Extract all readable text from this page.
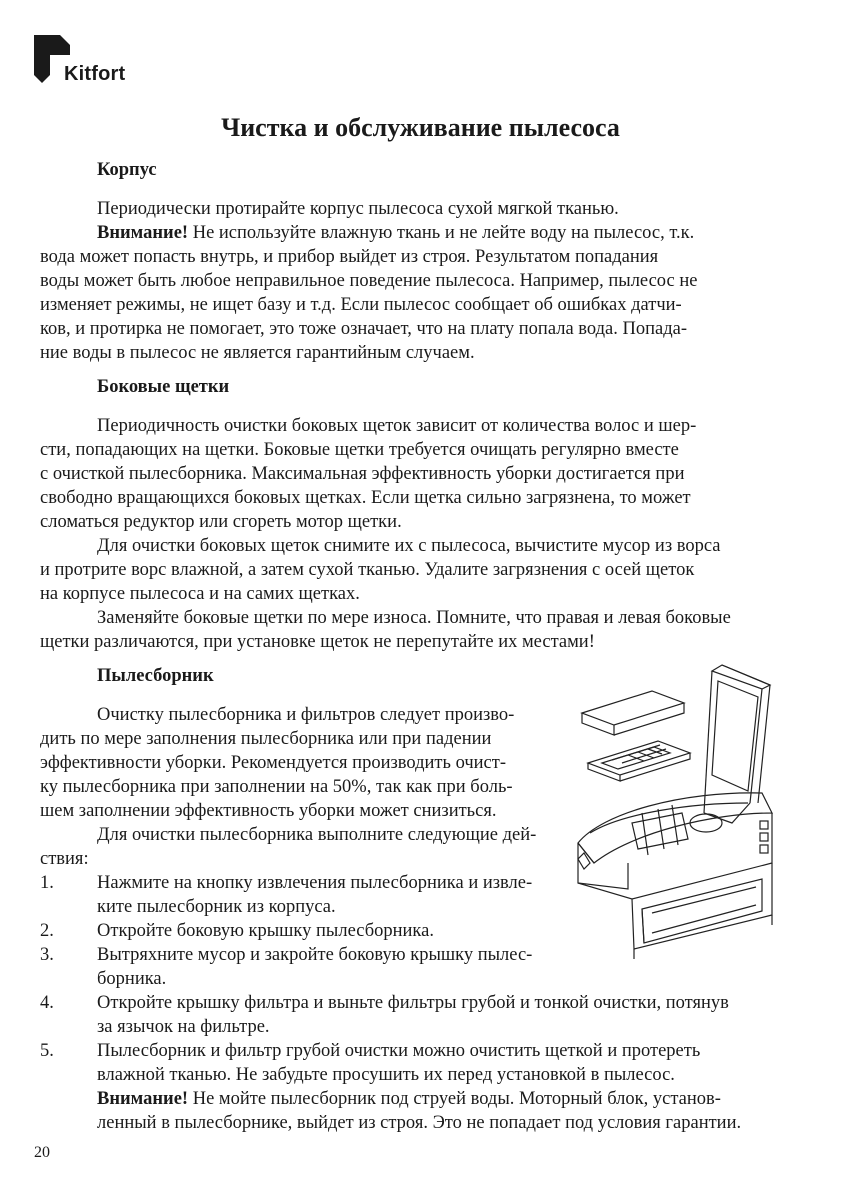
Kitfort
Чистка и обслуживание пылесоса
Корпус

Периодически протирайте корпус пылесоса сухой мягкой тканью.

Внимание! Не используйте влажную ткань и не лейте воду на пылесос, т.к.

вода может попасть внутрь, и прибор выйдет из строя. Результатом попадания
воды может быть любое неправильное поведение пылесоса. Например, пылесос не
изменяет режимы, не ищет базу и т.д. Если пылесос сообщает об ошибках датчи-
ков, и протирка не помогает, это тоже означает, что на плату попала вода. Попада-
ние воды в пылесос не является гарантийным случаем.

Боковые щетки

Периодичность очистки боковых щеток зависит от количества волос и шер-

сти, попадающих на щетки. Боковые щетки требуется очищать регулярно вместе
с очисткой пылесборника. Максимальная эффективность уборки достигается при
свободно вращающихся боковых щетках. Если щетка сильно загрязнена, то может
сломаться редуктор или сгореть мотор щетки.

Для очистки боковых щеток снимите их с пылесоса, вычистите мусор из ворса

и протрите ворс влажной, а затем сухой тканью. Удалите загрязнения с осей щеток
на корпусе пылесоса и на самих щетках.

Заменяйте боковые щетки по мере износа. Помните, что правая и левая боковые

щетки различаются, при установке щеток не перепутайте их местами!

Пылесборник

Очистку пылесборника и фильтров следует произво-

дить по мере заполнения пылесборника или при падении
эффективности уборки. Рекомендуется производить очист-
ку пылесборника при заполнении на 50%, так как при боль-
шем заполнении эффективность уборки может снизиться.

Для очистки пылесборника выполните следующие дей-

ствия:

1. Нажмите на кнопку извлечения пылесборника и извле-
ките пылесборник из корпуса.
2. Откройте боковую крышку пылесборника.
3. Вытряхните мусор и закройте боковую крышку пылес-
борника.
4. Откройте крышку фильтра и выньте фильтры грубой и тонкой очистки, потянув
за язычок на фильтре.
5. Пылесборник и фильтр грубой очистки можно очистить щеткой и протереть
влажной тканью. Не забудьте просушить их перед установкой в пылесос.
Внимание! Не мойте пылесборник под струей воды. Моторный блок, установ-
ленный в пылесборнике, выйдет из строя. Это не попадает под условия гарантии.
20
